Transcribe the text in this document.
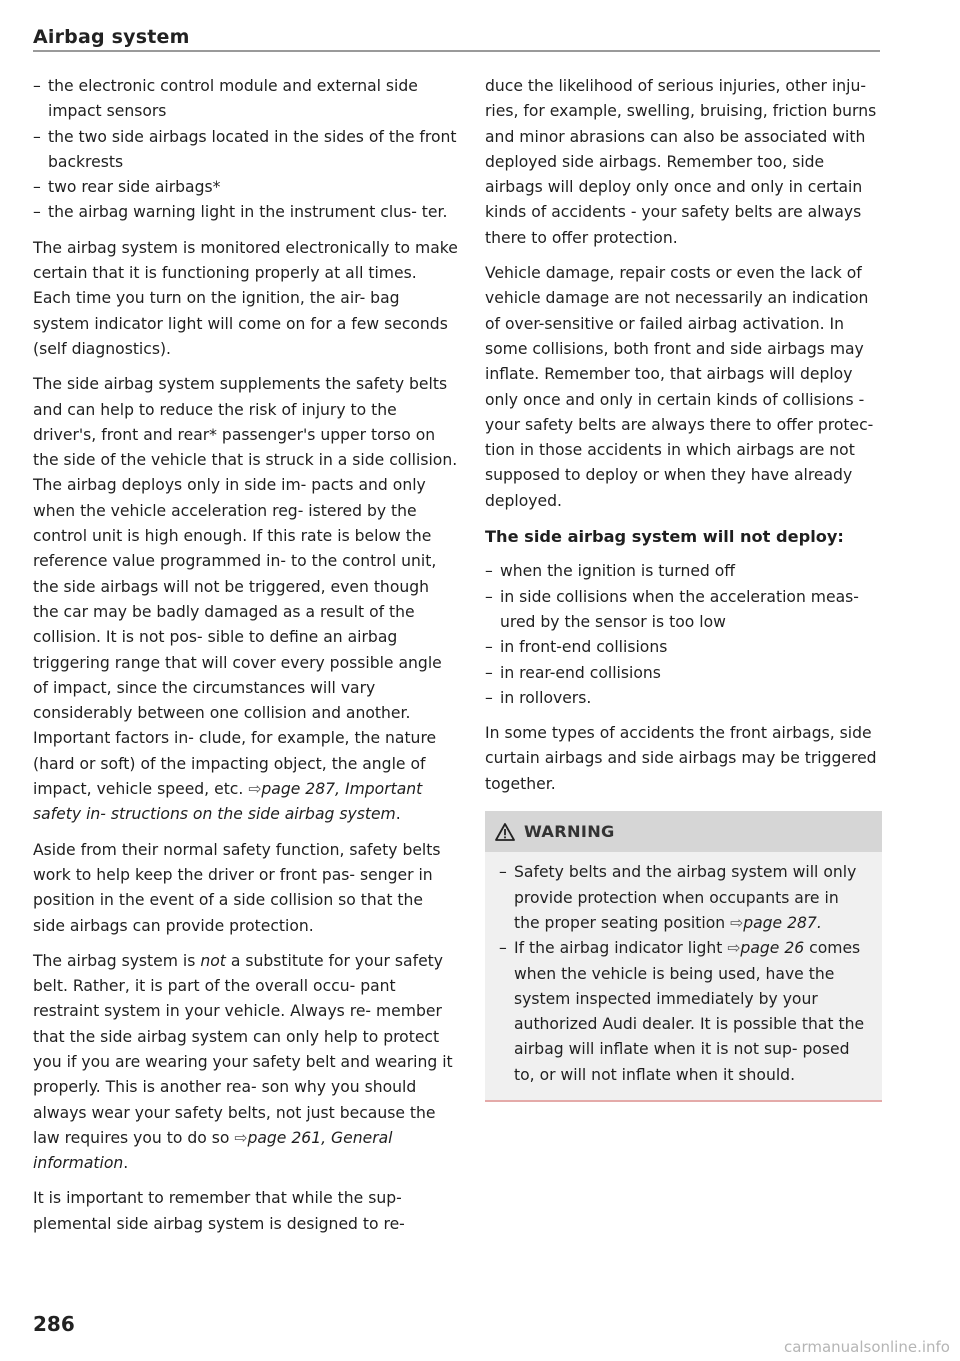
Airbag system
– the electronic control module and external side impact sensors
– the two side airbags located in the sides of the front backrests
– two rear side airbags*
– the airbag warning light in the instrument clus- ter.

The airbag system is monitored electronically to make certain that it is functioning properly at all times. Each time you turn on the ignition, the air- bag system indicator light will come on for a few seconds (self diagnostics).

The side airbag system supplements the safety belts and can help to reduce the risk of injury to the driver's, front and rear* passenger's upper torso on the side of the vehicle that is struck in a side collision. The airbag deploys only in side im- pacts and only when the vehicle acceleration reg- istered by the control unit is high enough. If this rate is below the reference value programmed in- to the control unit, the side airbags will not be triggered, even though the car may be badly damaged as a result of the collision. It is not pos- sible to define an airbag triggering range that will cover every possible angle of impact, since the circumstances will vary considerably between one collision and another. Important factors in- clude, for example, the nature (hard or soft) of the impacting object, the angle of impact, vehicle speed, etc. ⇨page 287, Important safety in- structions on the side airbag system.

Aside from their normal safety function, safety belts work to help keep the driver or front pas- senger in position in the event of a side collision so that the side airbags can provide protection.

The airbag system is not a substitute for your safety belt. Rather, it is part of the overall occu- pant restraint system in your vehicle. Always re- member that the side airbag system can only help to protect you if you are wearing your safety belt and wearing it properly. This is another rea- son why you should always wear your safety belts, not just because the law requires you to do so ⇨page 261, General information.

It is important to remember that while the sup- plemental side airbag system is designed to re-

duce the likelihood of serious injuries, other inju- ries, for example, swelling, bruising, friction burns and minor abrasions can also be associated with deployed side airbags. Remember too, side airbags will deploy only once and only in certain kinds of accidents - your safety belts are always there to offer protection.

Vehicle damage, repair costs or even the lack of vehicle damage are not necessarily an indication of over-sensitive or failed airbag activation. In some collisions, both front and side airbags may inflate. Remember too, that airbags will deploy only once and only in certain kinds of collisions - your safety belts are always there to offer protec- tion in those accidents in which airbags are not supposed to deploy or when they have already deployed.

The side airbag system will not deploy:
– when the ignition is turned off
– in side collisions when the acceleration meas- ured by the sensor is too low
– in front-end collisions
– in rear-end collisions
– in rollovers.

In some types of accidents the front airbags, side curtain airbags and side airbags may be triggered together.

WARNING
– Safety belts and the airbag system will only provide protection when occupants are in the proper seating position ⇨page 287.
– If the airbag indicator light ⇨page 26 comes when the vehicle is being used, have the system inspected immediately by your authorized Audi dealer. It is possible that the airbag will inflate when it is not sup- posed to, or will not inflate when it should.
286
carmanualsonline.info
